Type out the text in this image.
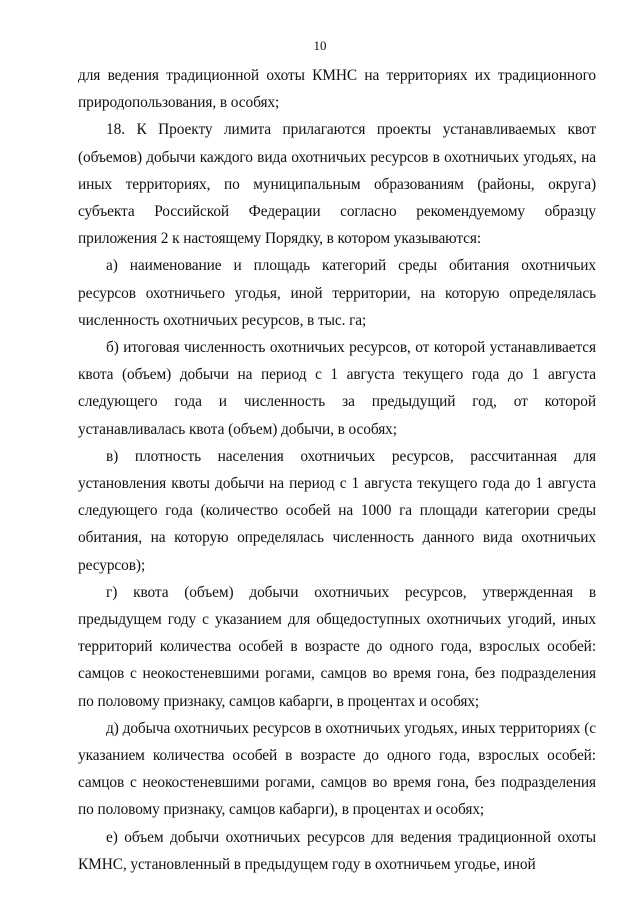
10

для ведения традиционной охоты КМНС на территориях их традиционного природопользования, в особях;

18. К Проекту лимита прилагаются проекты устанавливаемых квот (объемов) добычи каждого вида охотничьих ресурсов в охотничьих угодьях, на иных территориях, по муниципальным образованиям (районы, округа) субъекта Российской Федерации согласно рекомендуемому образцу приложения 2 к настоящему Порядку, в котором указываются:

а) наименование и площадь категорий среды обитания охотничьих ресурсов охотничьего угодья, иной территории, на которую определялась численность охотничьих ресурсов, в тыс. га;

б) итоговая численность охотничьих ресурсов, от которой устанавливается квота (объем) добычи на период с 1 августа текущего года до 1 августа следующего года и численность за предыдущий год, от которой устанавливалась квота (объем) добычи, в особях;

в) плотность населения охотничьих ресурсов, рассчитанная для установления квоты добычи на период с 1 августа текущего года до 1 августа следующего года (количество особей на 1000 га площади категории среды обитания, на которую определялась численность данного вида охотничьих ресурсов);

г) квота (объем) добычи охотничьих ресурсов, утвержденная в предыдущем году с указанием для общедоступных охотничьих угодий, иных территорий количества особей в возрасте до одного года, взрослых особей: самцов с неокостеневшими рогами, самцов во время гона, без подразделения по половому признаку, самцов кабарги, в процентах и особях;

д) добыча охотничьих ресурсов в охотничьих угодьях, иных территориях (с указанием количества особей в возрасте до одного года, взрослых особей: самцов с неокостеневшими рогами, самцов во время гона, без подразделения по половому признаку, самцов кабарги), в процентах и особях;

е) объем добычи охотничьих ресурсов для ведения традиционной охоты КМНС, установленный в предыдущем году в охотничьем угодье, иной
